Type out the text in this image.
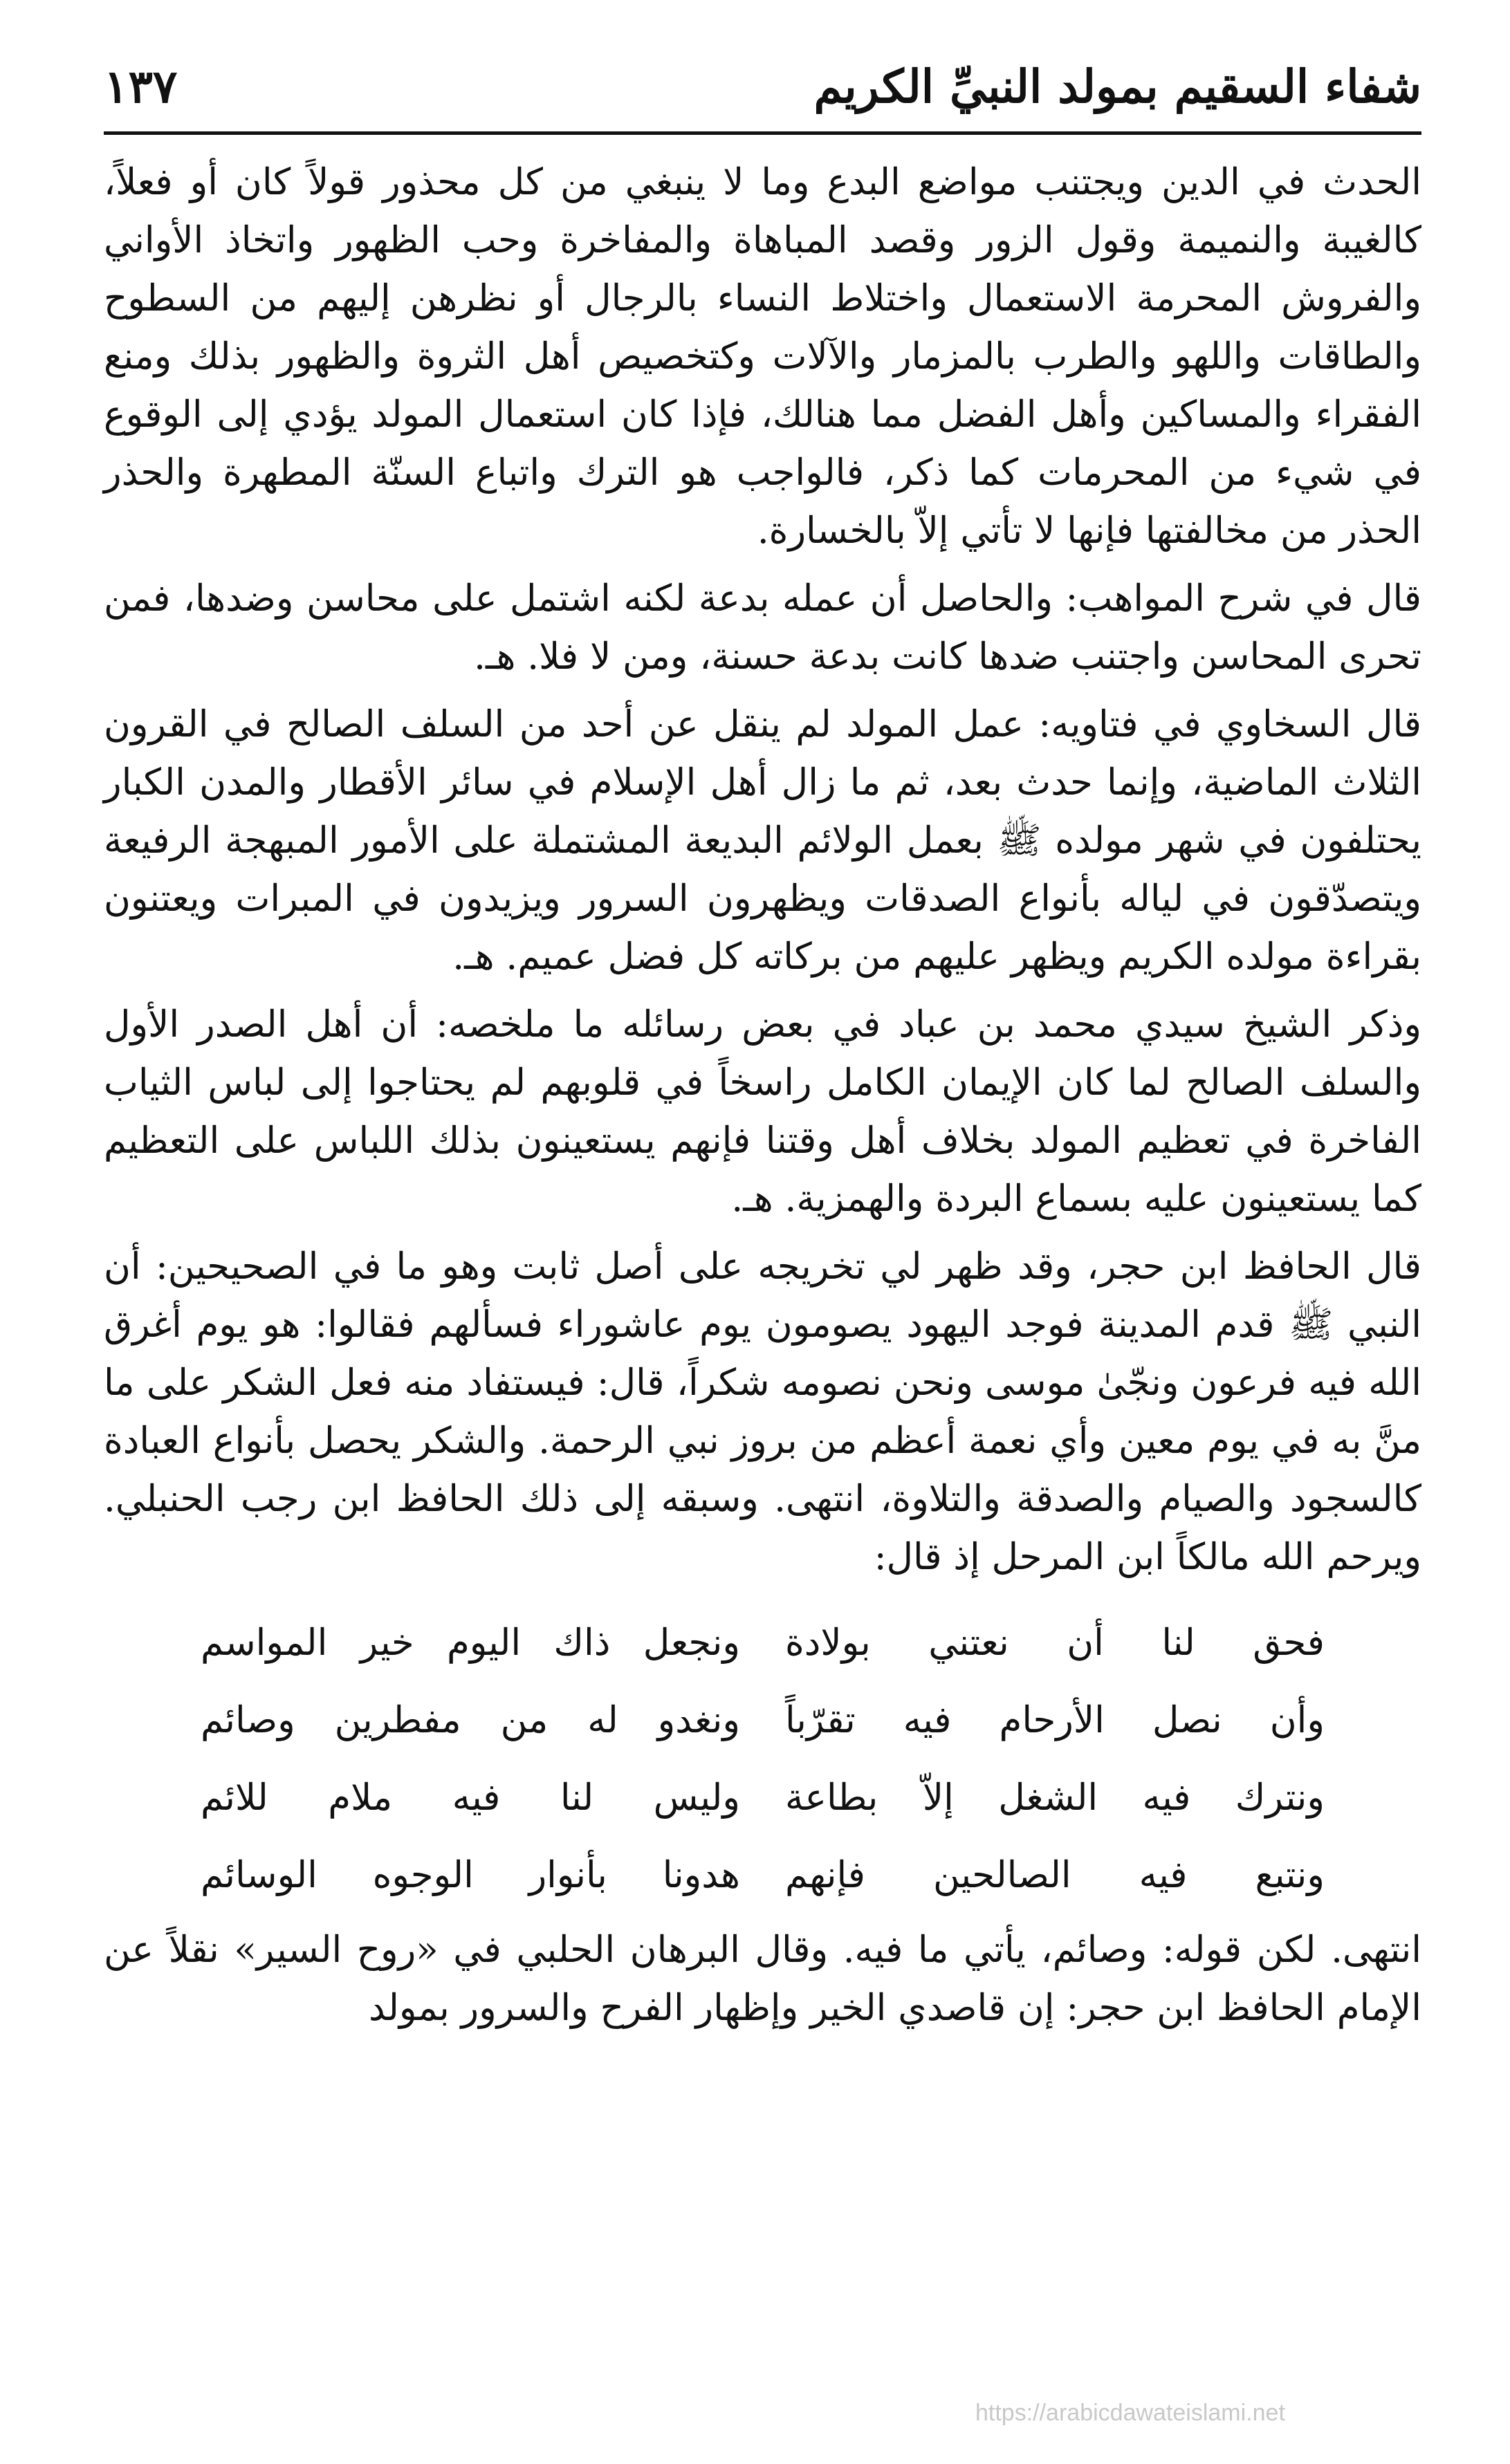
شفاء السقيم بمولد النبيِّ الكريم
١٣٧

الحدث في الدين ويجتنب مواضع البدع وما لا ينبغي من كل محذور قولاً كان أو فعلاً، كالغيبة والنميمة وقول الزور وقصد المباهاة والمفاخرة وحب الظهور واتخاذ الأواني والفروش المحرمة الاستعمال واختلاط النساء بالرجال أو نظرهن إليهم من السطوح والطاقات واللهو والطرب بالمزمار والآلات وكتخصيص أهل الثروة والظهور بذلك ومنع الفقراء والمساكين وأهل الفضل مما هنالك، فإذا كان استعمال المولد يؤدي إلى الوقوع في شيء من المحرمات كما ذكر، فالواجب هو الترك واتباع السنّة المطهرة والحذر الحذر من مخالفتها فإنها لا تأتي إلاّ بالخسارة.

قال في شرح المواهب: والحاصل أن عمله بدعة لكنه اشتمل على محاسن وضدها، فمن تحرى المحاسن واجتنب ضدها كانت بدعة حسنة، ومن لا فلا. هـ.

قال السخاوي في فتاويه: عمل المولد لم ينقل عن أحد من السلف الصالح في القرون الثلاث الماضية، وإنما حدث بعد، ثم ما زال أهل الإسلام في سائر الأقطار والمدن الكبار يحتلفون في شهر مولده ﷺ بعمل الولائم البديعة المشتملة على الأمور المبهجة الرفيعة ويتصدّقون في لياله بأنواع الصدقات ويظهرون السرور ويزيدون في المبرات ويعتنون بقراءة مولده الكريم ويظهر عليهم من بركاته كل فضل عميم. هـ.

وذكر الشيخ سيدي محمد بن عباد في بعض رسائله ما ملخصه: أن أهل الصدر الأول والسلف الصالح لما كان الإيمان الكامل راسخاً في قلوبهم لم يحتاجوا إلى لباس الثياب الفاخرة في تعظيم المولد بخلاف أهل وقتنا فإنهم يستعينون بذلك اللباس على التعظيم كما يستعينون عليه بسماع البردة والهمزية. هـ.

قال الحافظ ابن حجر، وقد ظهر لي تخريجه على أصل ثابت وهو ما في الصحيحين: أن النبي ﷺ قدم المدينة فوجد اليهود يصومون يوم عاشوراء فسألهم فقالوا: هو يوم أغرق الله فيه فرعون ونجّىٰ موسى ونحن نصومه شكراً، قال: فيستفاد منه فعل الشكر على ما منَّ به في يوم معين وأي نعمة أعظم من بروز نبي الرحمة. والشكر يحصل بأنواع العبادة كالسجود والصيام والصدقة والتلاوة، انتهى. وسبقه إلى ذلك الحافظ ابن رجب الحنبلي. ويرحم الله مالكاً ابن المرحل إذ قال:

فحق لنا أن نعتني بولادة
ونجعل ذاك اليوم خير المواسم
وأن نصل الأرحام فيه تقرّباً
ونغدو له من مفطرين وصائم
ونترك فيه الشغل إلاّ بطاعة
وليس لنا فيه ملام للائم
ونتبع فيه الصالحين فإنهم
هدونا بأنوار الوجوه الوسائم

انتهى. لكن قوله: وصائم، يأتي ما فيه. وقال البرهان الحلبي في «روح السير» نقلاً عن الإمام الحافظ ابن حجر: إن قاصدي الخير وإظهار الفرح والسرور بمولد

https://arabicdawateislami.net
